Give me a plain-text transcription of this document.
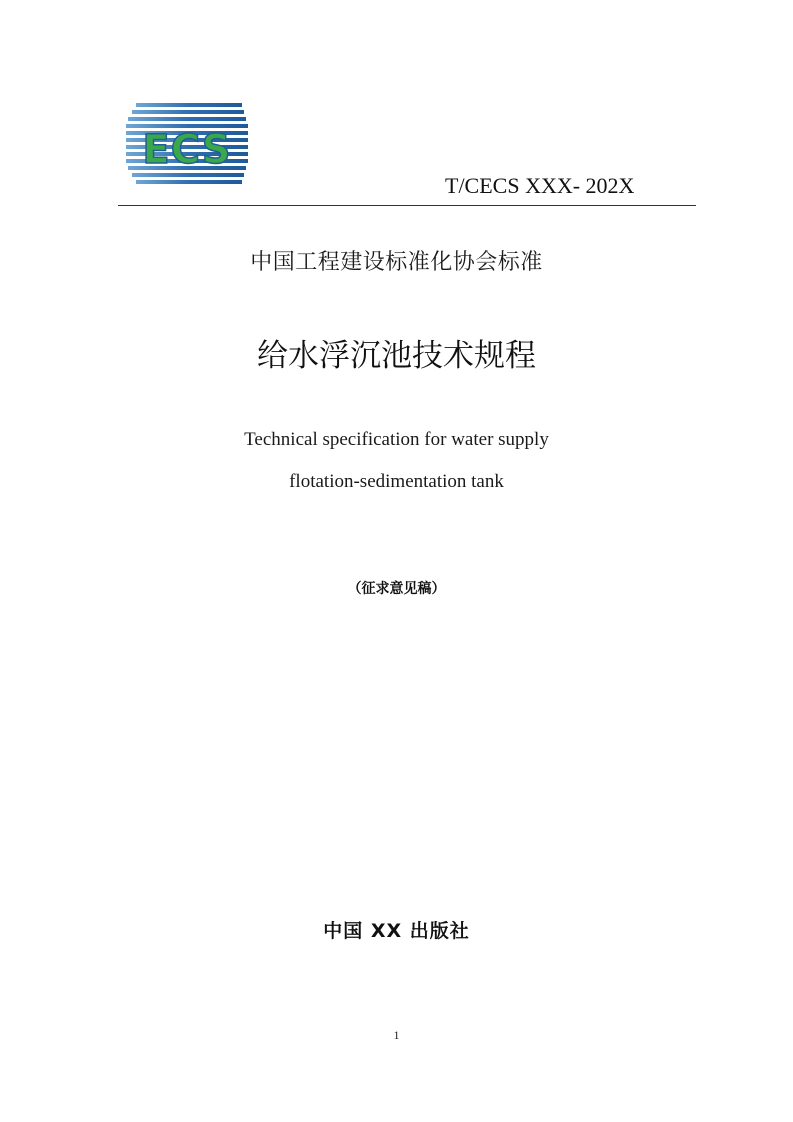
ECS
T/CECS XXX- 202X
中国工程建设标准化协会标准
给水浮沉池技术规程
Technical specification for water supply
flotation-sedimentation tank
（征求意见稿）
中国 XX 出版社
1
